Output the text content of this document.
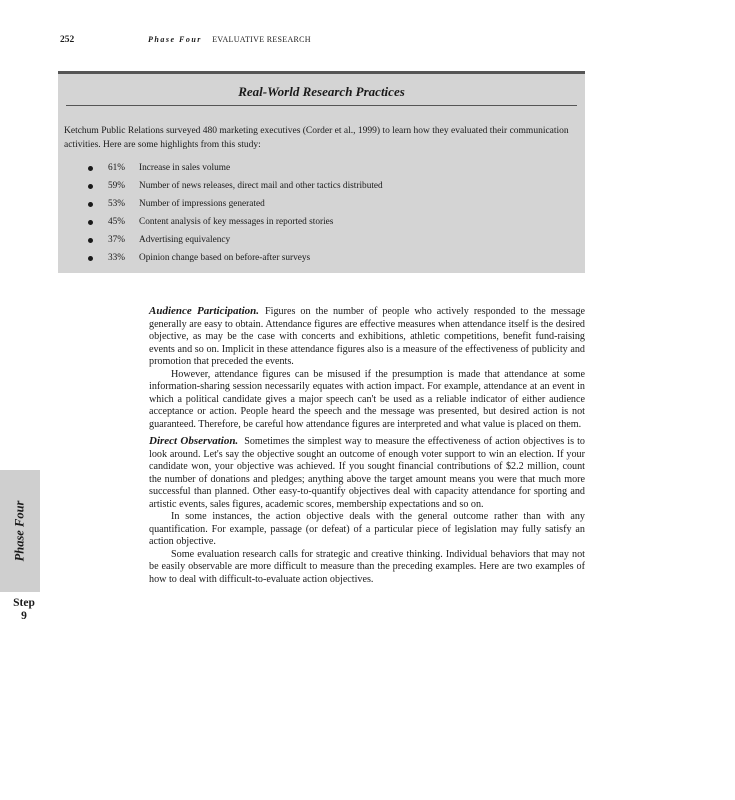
252	Phase Four EVALUATIVE RESEARCH
Real-World Research Practices
Ketchum Public Relations surveyed 480 marketing executives (Corder et al., 1999) to learn how they evaluated their communication activities. Here are some highlights from this study:
61%	Increase in sales volume
59%	Number of news releases, direct mail and other tactics distributed
53%	Number of impressions generated
45%	Content analysis of key messages in reported stories
37%	Advertising equivalency
33%	Opinion change based on before-after surveys
Phase Four
Step
9

Audience Participation. Figures on the number of people who actively responded to the message generally are easy to obtain. Attendance figures are effective measures when attendance itself is the desired objective, as may be the case with concerts and exhibitions, athletic competitions, benefit fund-raising events and so on. Implicit in these attendance figures also is a measure of the effectiveness of publicity and promotion that preceded the events.

However, attendance figures can be misused if the presumption is made that attendance at some information-sharing session necessarily equates with action impact. For example, attendance at an event in which a political candidate gives a major speech can't be used as a reliable indicator of either audience acceptance or action. People heard the speech and the message was presented, but desired action is not guaranteed. Therefore, be careful how attendance figures are interpreted and what value is placed on them.

Direct Observation. Sometimes the simplest way to measure the effectiveness of action objectives is to look around. Let's say the objective sought an outcome of enough voter support to win an election. If your candidate won, your objective was achieved. If you sought financial contributions of $2.2 million, count the number of donations and pledges; anything above the target amount means you were that much more successful than planned. Other easy-to-quantify objectives deal with capacity attendance for sporting and artistic events, sales figures, academic scores, membership expectations and so on.

In some instances, the action objective deals with the general outcome rather than with any quantification. For example, passage (or defeat) of a particular piece of legislation may fully satisfy an action objective.

Some evaluation research calls for strategic and creative thinking. Individual behaviors that may not be easily observable are more difficult to measure than the preceding examples. Here are two examples of how to deal with difficult-to-evaluate action objectives.
